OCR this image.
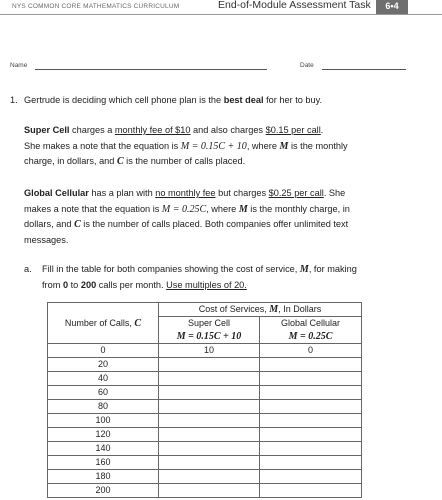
NYS COMMON CORE MATHEMATICS CURRICULUM	End-of-Module Assessment Task	6•4
Name	Date
1. Gertrude is deciding which cell phone plan is the best deal for her to buy.
Super Cell charges a monthly fee of $10 and also charges $0.15 per call.
She makes a note that the equation is M = 0.15C + 10, where M is the monthly
charge, in dollars, and C is the number of calls placed.
Global Cellular has a plan with no monthly fee but charges $0.25 per call. She
makes a note that the equation is M = 0.25C, where M is the monthly charge, in
dollars, and C is the number of calls placed. Both companies offer unlimited text
messages.
a. Fill in the table for both companies showing the cost of service, M, for making
from 0 to 200 calls per month. Use multiples of 20.
Number of Calls, C	Cost of Services, M, In Dollars	
	Super Cell	Global Cellular
	M = 0.15C + 10	M = 0.25C
0	10	0
20		
40		
60		
80		
100		
120		
140		
160		
180		
200		
